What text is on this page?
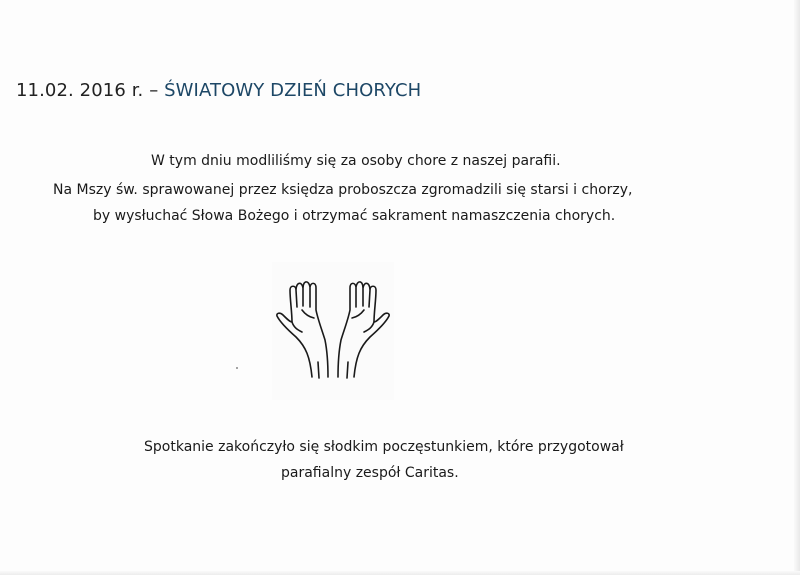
11.02. 2016 r. – ŚWIATOWY DZIEŃ CHORYCH
W tym dniu modliliśmy się za osoby chore z naszej parafii.
Na Mszy św. sprawowanej przez księdza proboszcza zgromadzili się starsi i chorzy,
by wysłuchać Słowa Bożego i otrzymać sakrament namaszczenia chorych.
Spotkanie zakończyło się słodkim poczęstunkiem, które przygotował
parafialny zespół Caritas.
